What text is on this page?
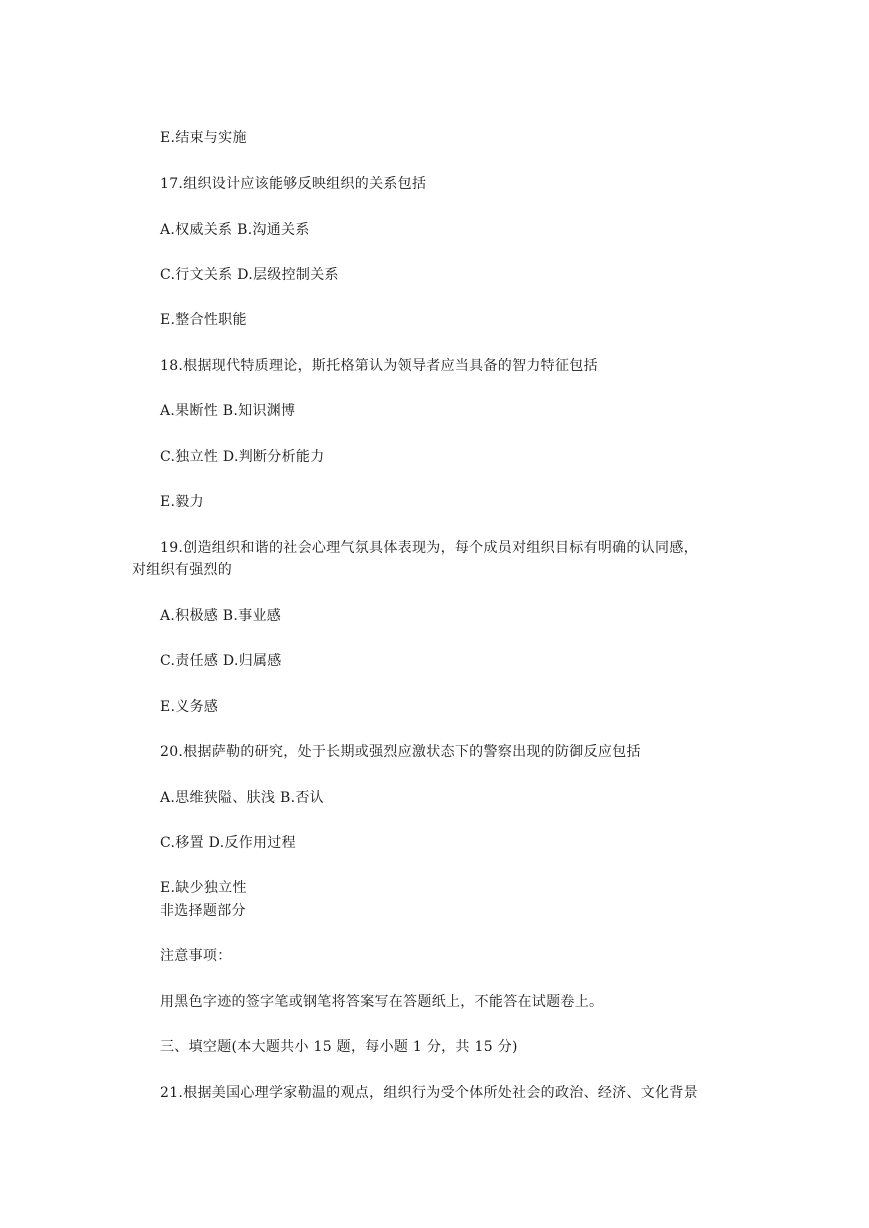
E.结束与实施
17.组织设计应该能够反映组织的关系包括
A.权威关系 B.沟通关系
C.行文关系 D.层级控制关系
E.整合性职能
18.根据现代特质理论，斯托格第认为领导者应当具备的智力特征包括
A.果断性 B.知识渊博
C.独立性 D.判断分析能力
E.毅力
19.创造组织和谐的社会心理气氛具体表现为，每个成员对组织目标有明确的认同感，
对组织有强烈的
A.积极感 B.事业感
C.责任感 D.归属感
E.义务感
20.根据萨勒的研究，处于长期或强烈应激状态下的警察出现的防御反应包括
A.思维狭隘、肤浅 B.否认
C.移置 D.反作用过程
E.缺少独立性
非选择题部分
注意事项：
用黑色字迹的签字笔或钢笔将答案写在答题纸上，不能答在试题卷上。
三、填空题(本大题共小 15 题，每小题 1 分，共 15 分)
21.根据美国心理学家勒温的观点，组织行为受个体所处社会的政治、经济、文化背景
